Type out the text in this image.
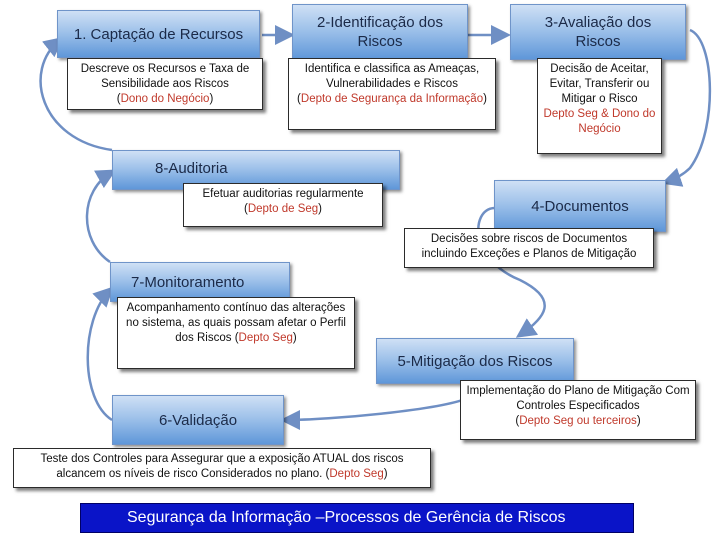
1. Captação de Recursos
Descreve os Recursos e Taxa de Sensibilidade aos Riscos
(Dono do Negócio)
2-Identificação dos Riscos
Identifica e classifica as Ameaças, Vulnerabilidades e Riscos
(Depto de Segurança da Informação)
3-Avaliação dos Riscos
Decisão de Aceitar, Evitar, Transferir ou Mitigar o Risco
Depto Seg & Dono do Negócio
8-Auditoria
Efetuar auditorias regularmente
(Depto de Seg)	4-Documentos
Decisões sobre riscos de Documentos incluindo Exceções e Planos de Mitigação
7-Monitoramento
Acompanhamento contínuo das alterações no sistema, as quais possam afetar o Perfil dos Riscos (Depto Seg)
5-Mitigação dos Riscos
Implementação do Plano de Mitigação Com Controles Especificados
(Depto Seg ou terceiros)
6-Validação
Teste dos Controles para Assegurar que a exposição ATUAL dos riscos alcancem os níveis de risco Considerados no plano. (Depto Seg)
Segurança da Informação –Processos de Gerência de Riscos
